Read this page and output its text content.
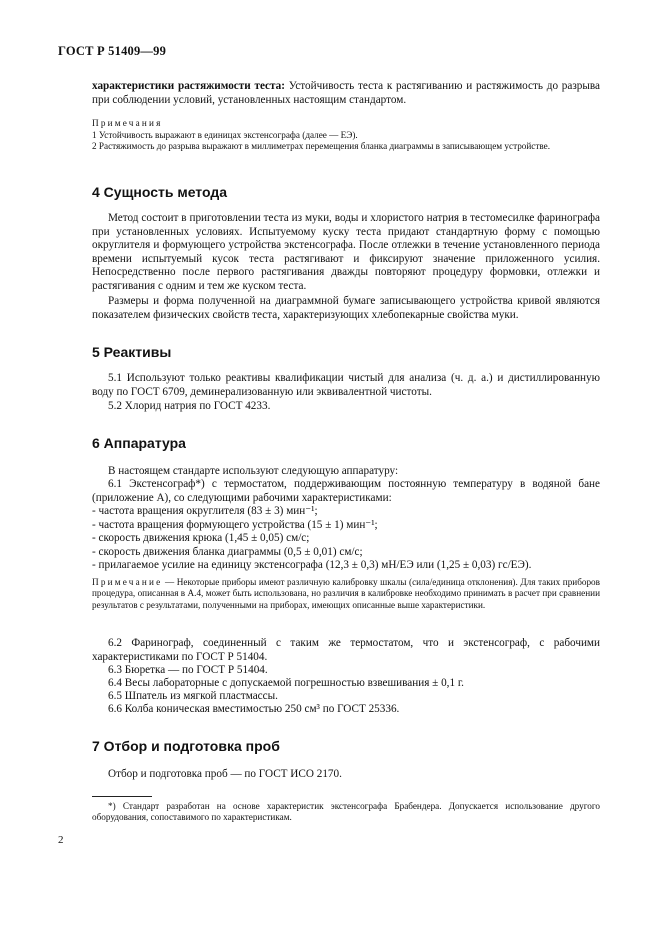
ГОСТ Р 51409—99

характеристики растяжимости теста: Устойчивость теста к растягиванию и растяжимость до разрыва при соблюдении условий, установленных настоящим стандартом.

Примечания

1 Устойчивость выражают в единицах экстенсографа (далее — ЕЭ).

2 Растяжимость до разрыва выражают в миллиметрах перемещения бланка диаграммы в записывающем устройстве.

4 Сущность метода

Метод состоит в приготовлении теста из муки, воды и хлористого натрия в тестомесилке фаринографа при установленных условиях. Испытуемому куску теста придают стандартную форму с помощью округлителя и формующего устройства экстенсографа. После отлежки в течение установленного периода времени испытуемый кусок теста растягивают и фиксируют значение приложенного усилия. Непосредственно после первого растягивания дважды повторяют процедуру формовки, отлежки и растягивания с одним и тем же куском теста.

Размеры и форма полученной на диаграммной бумаге записывающего устройства кривой являются показателем физических свойств теста, характеризующих хлебопекарные свойства муки.

5 Реактивы

5.1 Используют только реактивы квалификации чистый для анализа (ч. д. а.) и дистиллированную воду по ГОСТ 6709, деминерализованную или эквивалентной чистоты.

5.2 Хлорид натрия по ГОСТ 4233.

6 Аппаратура

В настоящем стандарте используют следующую аппаратуру:

6.1 Экстенсограф*) с термостатом, поддерживающим постоянную температуру в водяной бане (приложение А), со следующими рабочими характеристиками:

- частота вращения округлителя (83 ± 3) мин⁻¹;
- частота вращения формующего устройства (15 ± 1) мин⁻¹;
- скорость движения крюка (1,45 ± 0,05) см/с;
- скорость движения бланка диаграммы (0,5 ± 0,01) см/с;
- прилагаемое усилие на единицу экстенсографа (12,3 ± 0,3) мН/ЕЭ или (1,25 ± 0,03) гс/ЕЭ).

Примечание — Некоторые приборы имеют различную калибровку шкалы (сила/единица отклонения). Для таких приборов процедура, описанная в А.4, может быть использована, но различия в калибровке необходимо принимать в расчет при сравнении результатов с результатами, полученными на приборах, имеющих описанные выше характеристики.

6.2 Фаринограф, соединенный с таким же термостатом, что и экстенсограф, с рабочими характеристиками по ГОСТ Р 51404.

6.3 Бюретка — по ГОСТ Р 51404.

6.4 Весы лабораторные с допускаемой погрешностью взвешивания ± 0,1 г.

6.5 Шпатель из мягкой пластмассы.

6.6 Колба коническая вместимостью 250 см³ по ГОСТ 25336.

7 Отбор и подготовка проб

Отбор и подготовка проб — по ГОСТ ИСО 2170.

*) Стандарт разработан на основе характеристик экстенсографа Брабендера. Допускается использование другого оборудования, сопоставимого по характеристикам.

2
